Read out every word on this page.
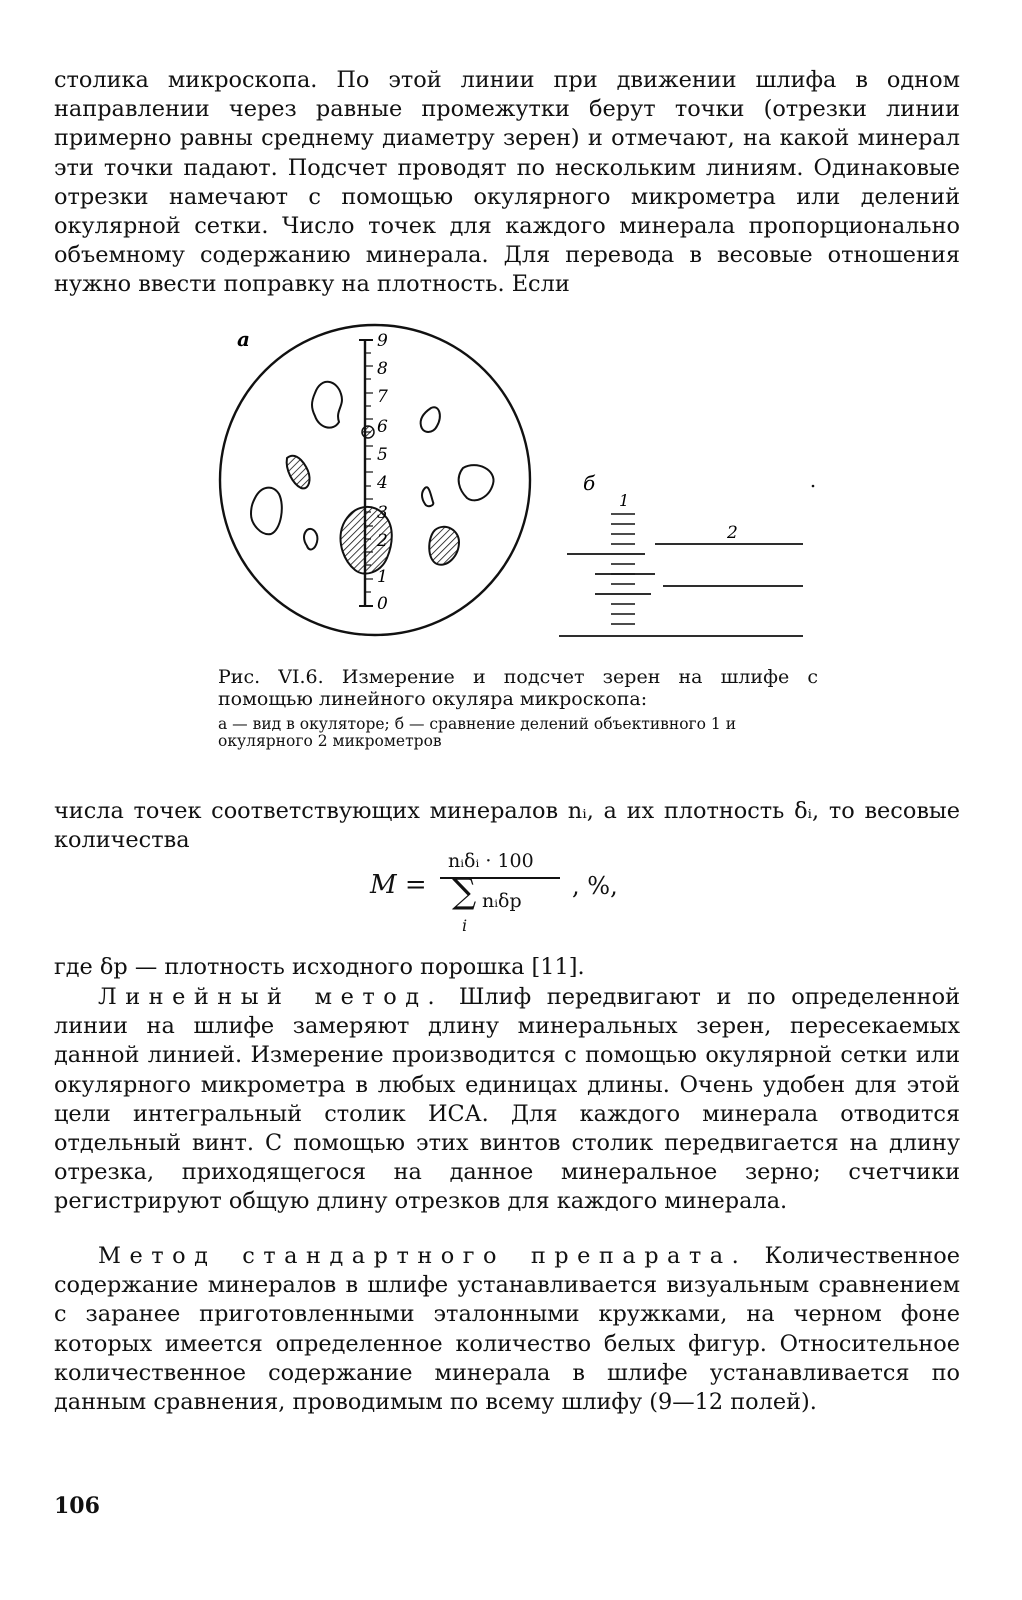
столика микроскопа. По этой линии при движении шлифа в одном направлении через равные промежутки берут точки (отрезки линии примерно равны среднему диаметру зерен) и отмечают, на какой минерал эти точки падают. Подсчет проводят по нескольким линиям. Одинаковые отрезки намечают с помощью окулярного микрометра или делений окулярной сетки. Число точек для каждого минерала пропорционально объемному содержанию минерала. Для перевода в весовые отношения нужно ввести поправку на плотность. Если

0
1
2
3
4
5
6
7
8
9
а
б
1
2

Рис. VI.6. Измерение и подсчет зерен на шлифе с помощью линейного окуляра микроскопа:

а — вид в окуляторе; б — сравнение делений объективного 1 и окулярного 2 микрометров

числа точек соответствующих минералов nᵢ, а их плотность δᵢ, то весовые количества

M =
nᵢδᵢ · 100
∑ nᵢδр
i
, %,

где δр — плотность исходного порошка [11].

Линейный метод. Шлиф передвигают и по определенной линии на шлифе замеряют длину минеральных зерен, пересекаемых данной линией. Измерение производится с помощью окулярной сетки или окулярного микрометра в любых единицах длины. Очень удобен для этой цели интегральный столик ИСА. Для каждого минерала отводится отдельный винт. С помощью этих винтов столик передвигается на длину отрезка, приходящегося на данное минеральное зерно; счетчики регистрируют общую длину отрезков для каждого минерала.

Метод стандартного препарата. Количественное содержание минералов в шлифе устанавливается визуальным сравнением с заранее приготовленными эталонными кружками, на черном фоне которых имеется определенное количество белых фигур. Относительное количественное содержание минерала в шлифе устанавливается по данным сравнения, проводимым по всему шлифу (9—12 полей).

106
